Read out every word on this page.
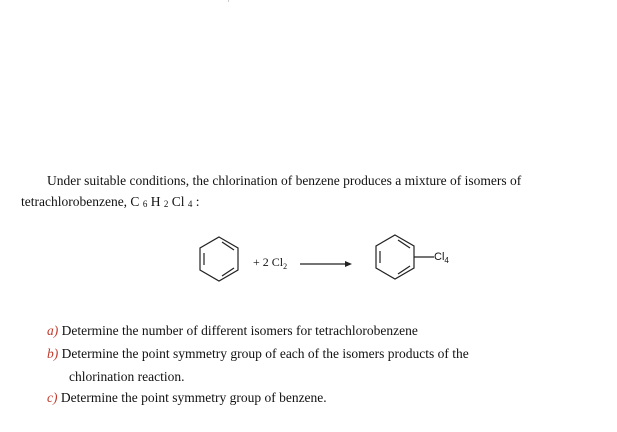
Under suitable conditions, the chlorination of benzene produces a mixture of isomers of
tetrachlorobenzene, C 6 H 2 Cl 4 :
+ 2 $Cl_2$
$Cl_4$
a) Determine the number of different isomers for tetrachlorobenzene
b) Determine the point symmetry group of each of the isomers products of the
chlorination reaction.
c) Determine the point symmetry group of benzene.
